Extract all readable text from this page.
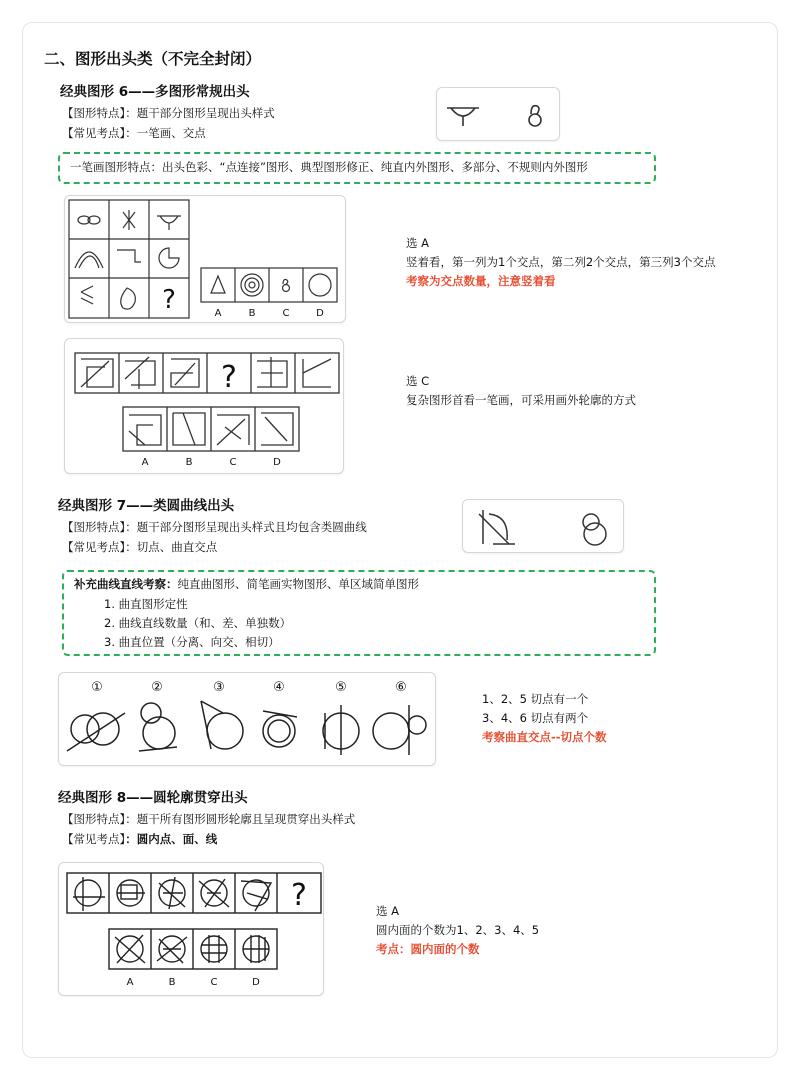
二、图形出头类（不完全封闭）
经典图形 6——多图形常规出头
【图形特点】：题干部分图形呈现出头样式
【常见考点】：一笔画、交点
一笔画图形特点：出头色彩、“点连接”图形、典型图形修正、纯直内外图形、多部分、不规则内外图形
?	A	B	C	D
选 A
竖着看，第一列为1个交点，第二列2个交点，第三列3个交点
考察为交点数量，注意竖着看
?
A	B	C	D
选 C
复杂图形首看一笔画，可采用画外轮廓的方式
经典图形 7——类圆曲线出头
【图形特点】：题干部分图形呈现出头样式且均包含类圆曲线
【常见考点】：切点、曲直交点
补充曲线直线考察：纯直曲图形、简笔画实物图形、单区域简单图形
1. 曲直图形定性
2. 曲线直线数量（和、差、单独数）
3. 曲直位置（分离、向交、相切）
①	②	③	④	⑤	⑥
1、2、5 切点有一个
3、4、6 切点有两个
考察曲直交点--切点个数
经典图形 8——圆轮廓贯穿出头
【图形特点】：题干所有图形圆形轮廓且呈现贯穿出头样式
【常见考点】：圆内点、面、线
?
A	B	C	D
选 A
圆内面的个数为1、2、3、4、5
考点：圆内面的个数
